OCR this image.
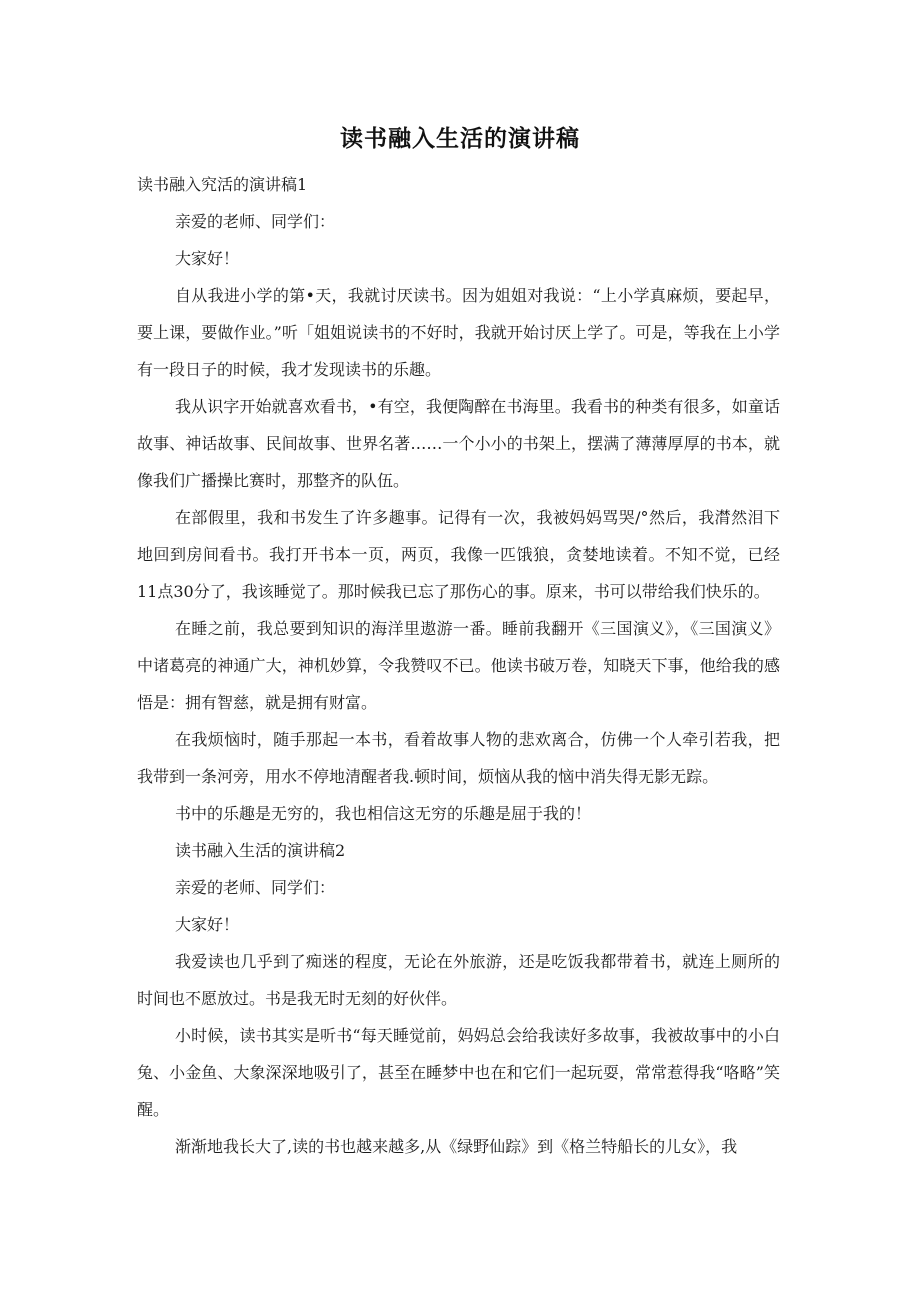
读书融入生活的演讲稿

读书融入究活的演讲稿1

亲爱的老师、同学们：

大家好！

自从我进小学的第•天，我就讨厌读书。因为姐姐对我说：“上小学真麻烦，要起早，要上课，要做作业。”听「姐姐说读书的不好时，我就开始讨厌上学了。可是，等我在上小学有一段日子的时候，我才发现读书的乐趣。

我从识字开始就喜欢看书，•有空，我便陶醉在书海里。我看书的种类有很多，如童话故事、神话故事、民间故事、世界名著……一个小小的书架上，摆满了薄薄厚厚的书本，就像我们广播操比赛时，那整齐的队伍。

在部假里，我和书发生了许多趣事。记得有一次，我被妈妈骂哭/°然后，我潸然泪下地回到房间看书。我打开书本一页，两页，我像一匹饿狼，贪婪地读着。不知不觉，已经11点30分了，我该睡觉了。那时候我已忘了那伤心的事。原来，书可以带给我们快乐的。

在睡之前，我总要到知识的海洋里遨游一番。睡前我翻开《三国演义》，《三国演义》中诸葛亮的神通广大，神机妙算，令我赞叹不已。他读书破万卷，知晓天下事，他给我的感悟是：拥有智慈，就是拥有财富。

在我烦恼时，随手那起一本书，看着故事人物的悲欢离合，仿佛一个人牵引若我，把我带到一条河旁，用水不停地清醒者我.顿时间，烦恼从我的恼中消失得无影无踪。

书中的乐趣是无穷的，我也相信这无穷的乐趣是屈于我的！

读书融入生活的演讲稿2

亲爱的老师、同学们：

大家好！

我爱读也几乎到了痴迷的程度，无论在外旅游，还是吃饭我都带着书，就连上厕所的时间也不愿放过。书是我无时无刻的好伙伴。

小时候，读书其实是听书“每天睡觉前，妈妈总会给我读好多故事，我被故事中的小白兔、小金鱼、大象深深地吸引了，甚至在睡梦中也在和它们一起玩耍，常常惹得我“咯略”笑醒。

渐渐地我长大了,读的书也越来越多,从《绿野仙踪》到《格兰特船长的儿女》，我
